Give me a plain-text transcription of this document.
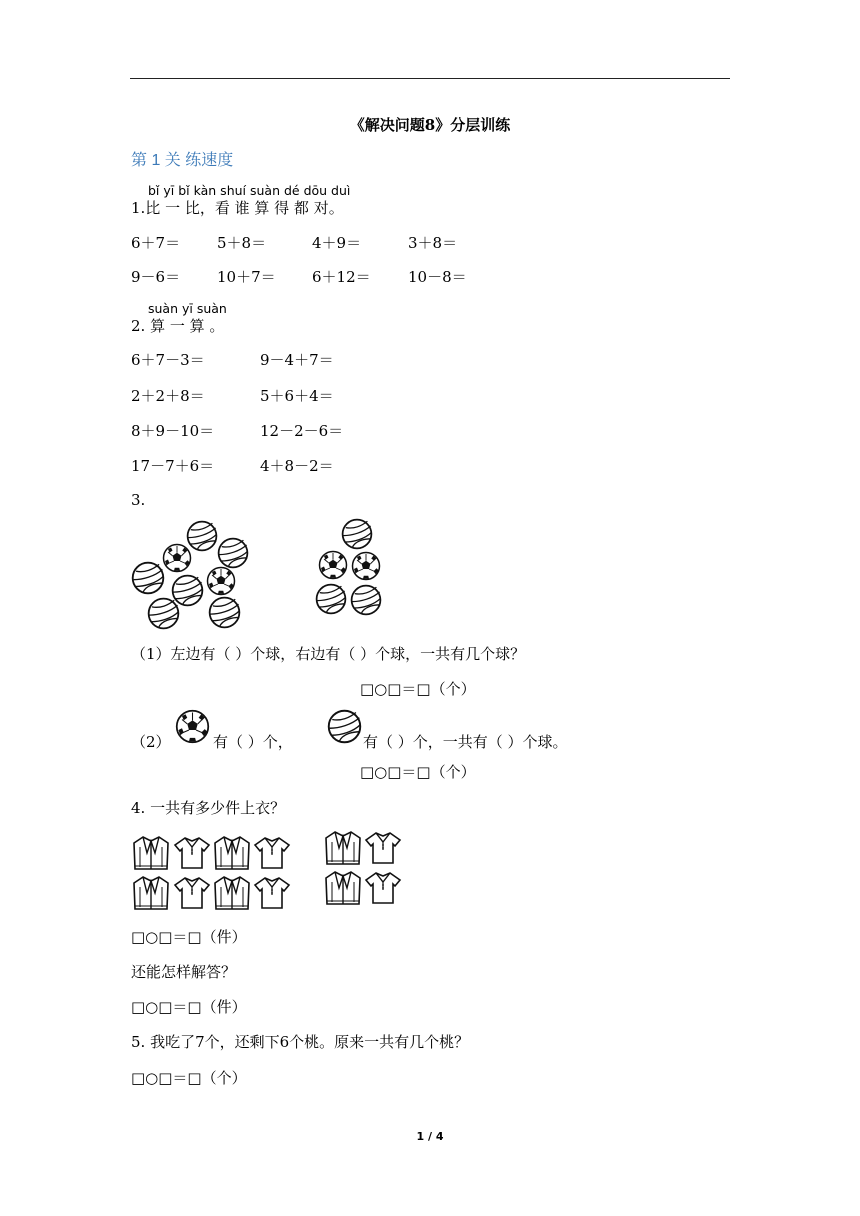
《解决问题8》分层训练
第 1 关 练速度
bǐ yī bǐ kàn shuí suàn dé dōu duì
1.比 一 比，看 谁 算 得 都 对。
6＋7＝ 5＋8＝	4＋9＝	3＋8＝
9－6＝ 10＋7＝ 6＋12＝ 10－8＝
suàn yī suàn
2. 算 一 算 。
6＋7－3＝	9－4＋7＝
2＋2＋8＝	5＋6＋4＝
8＋9－10＝	12－2－6＝
17－7＋6＝	4＋8－2＝
3.
（1）左边有（ ）个球，右边有（ ）个球，一共有几个球？
□○□＝□（个）
（2）	有（ ）个，	有（ ）个，一共有（ ）个球。
□○□＝□（个）
4. 一共有多少件上衣？
□○□＝□（件）
还能怎样解答？
□○□＝□（件）
5. 我吃了7个，还剩下6个桃。原来一共有几个桃？
□○□＝□（个）
1 / 4
